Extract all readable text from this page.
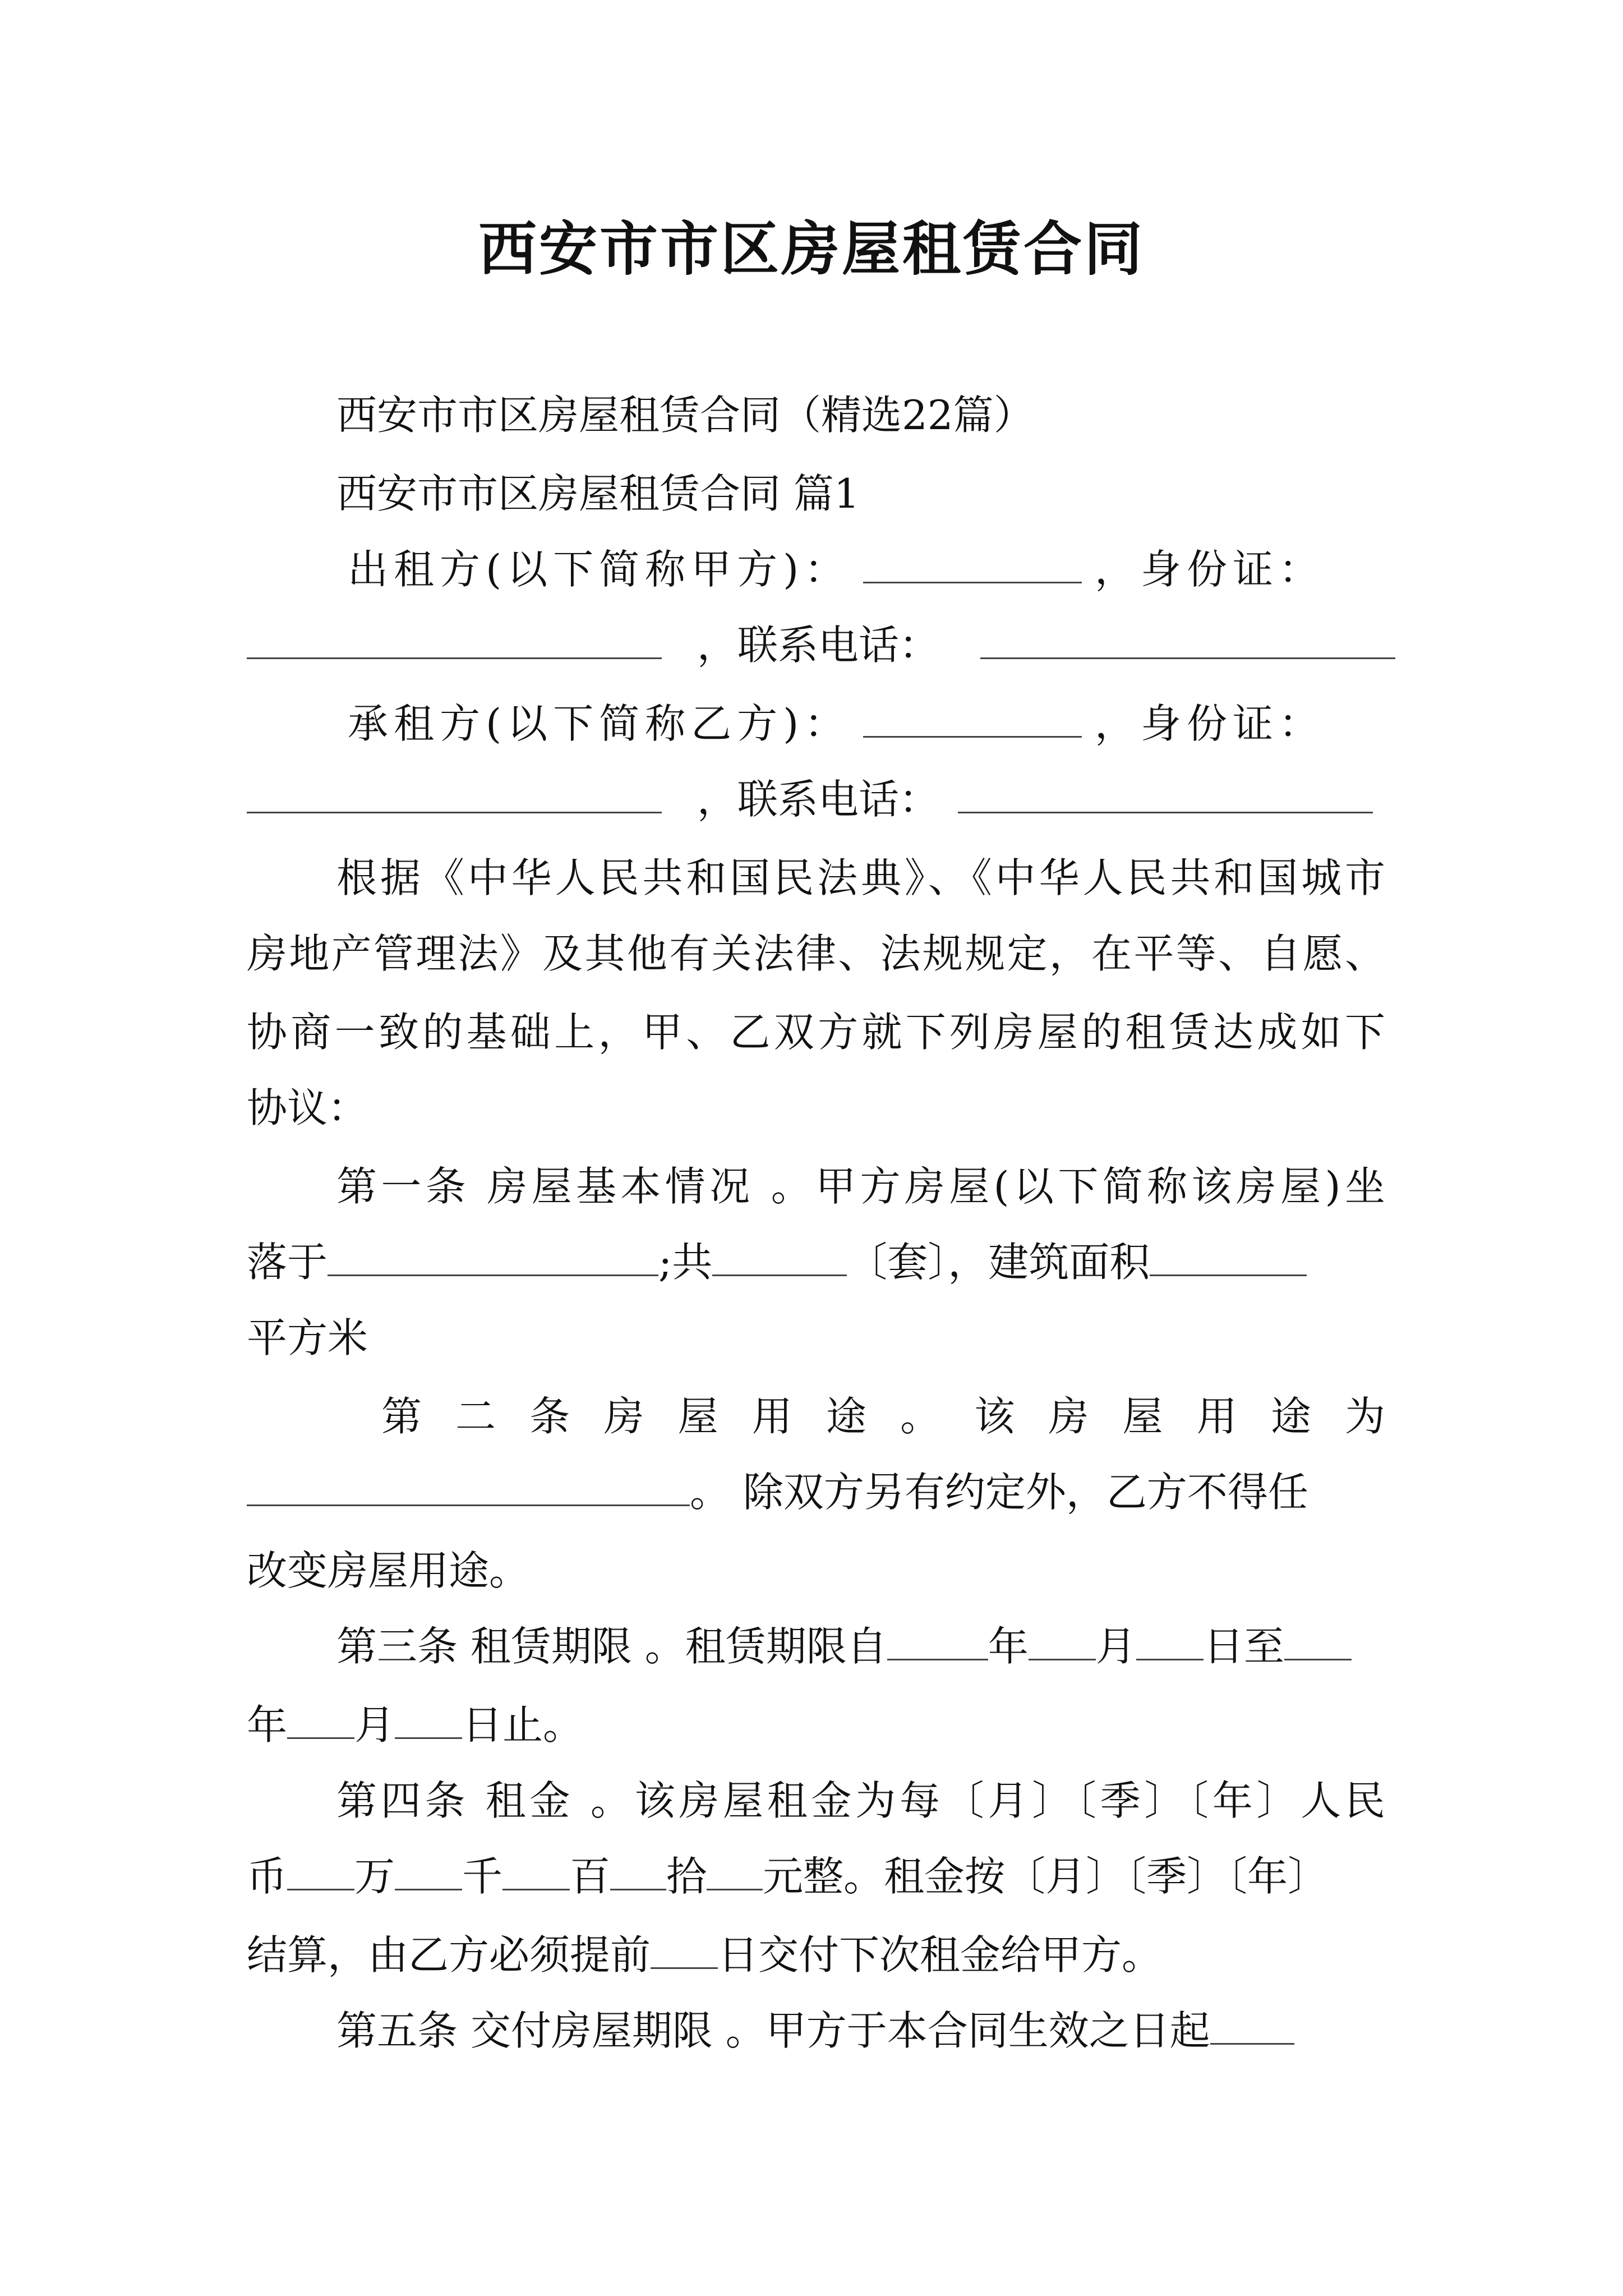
西安市市区房屋租赁合同
西安市市区房屋租赁合同（精选22篇）
西安市市区房屋租赁合同 篇1
出租方(以下简称甲方)：	，身份证：
，联系电话：
承租方(以下简称乙方)：	，身份证：
，联系电话：
根据《中华人民共和国民法典》、《中华人民共和国城市
房地产管理法》及其他有关法律、法规规定，在平等、自愿、
协商一致的基础上，甲、乙双方就下列房屋的租赁达成如下
协议：
第一条 房屋基本情况 。甲方房屋(以下简称该房屋)坐
落于	;共	〔套〕，建筑面积
平方米
第 二 条 房 屋 用 途 。 该 房 屋 用 途 为
。 除双方另有约定外，乙方不得任
改变房屋用途。
第三条 租赁期限 。租赁期限自	年 月 日至
年 月 日止。
第四条 租金 。该房屋租金为每〔月〕〔季〕〔年〕人民
币 万 千 百 拾 元整。租金按〔月〕〔季〕〔年〕
结算，由乙方必须提前 日交付下次租金给甲方。
第五条 交付房屋期限 。甲方于本合同生效之日起
